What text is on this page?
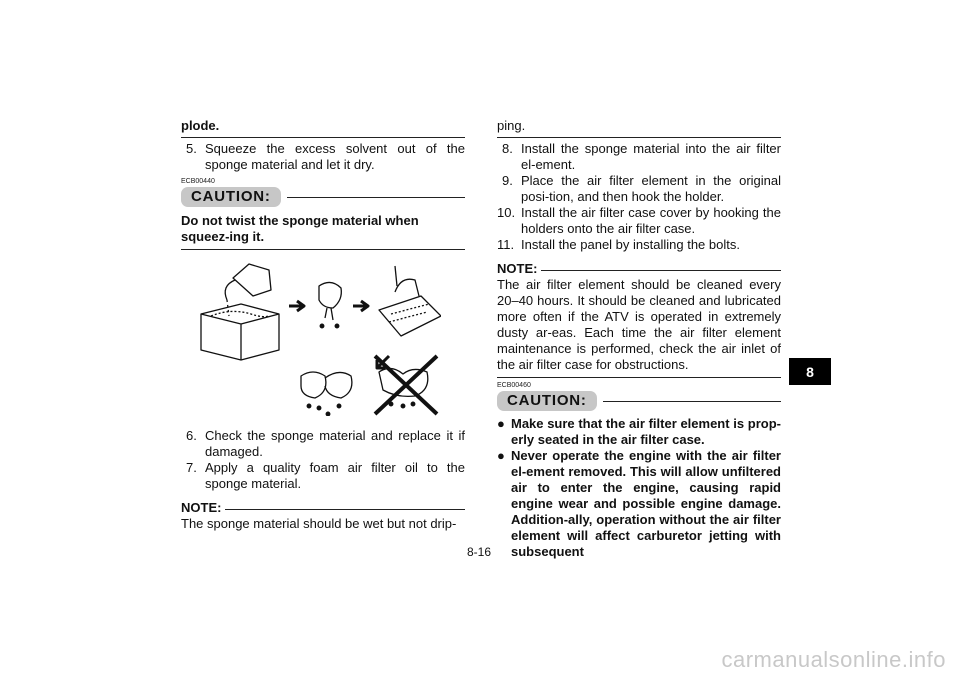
plode.
5. Squeeze the excess solvent out of the sponge material and let it dry.
ECB00440
CAUTION:
Do not twist the sponge material when squeez-ing it.
6. Check the sponge material and replace it if damaged.
7. Apply a quality foam air filter oil to the sponge material.
NOTE:
The sponge material should be wet but not drip-
ping.
8. Install the sponge material into the air filter el-ement.
9. Place the air filter element in the original posi-tion, and then hook the holder.
10. Install the air filter case cover by hooking the holders onto the air filter case.
11. Install the panel by installing the bolts.
NOTE:
The air filter element should be cleaned every 20–40 hours. It should be cleaned and lubricated more often if the ATV is operated in extremely dusty ar-eas. Each time the air filter element maintenance is performed, check the air inlet of the air filter case for obstructions.
ECB00460
CAUTION:
● Make sure that the air filter element is prop-erly seated in the air filter case.
● Never operate the engine with the air filter el-ement removed. This will allow unfiltered air to enter the engine, causing rapid engine wear and possible engine damage. Addition-ally, operation without the air filter element will affect carburetor jetting with subsequent
8-16
8
carmanualsonline.info
